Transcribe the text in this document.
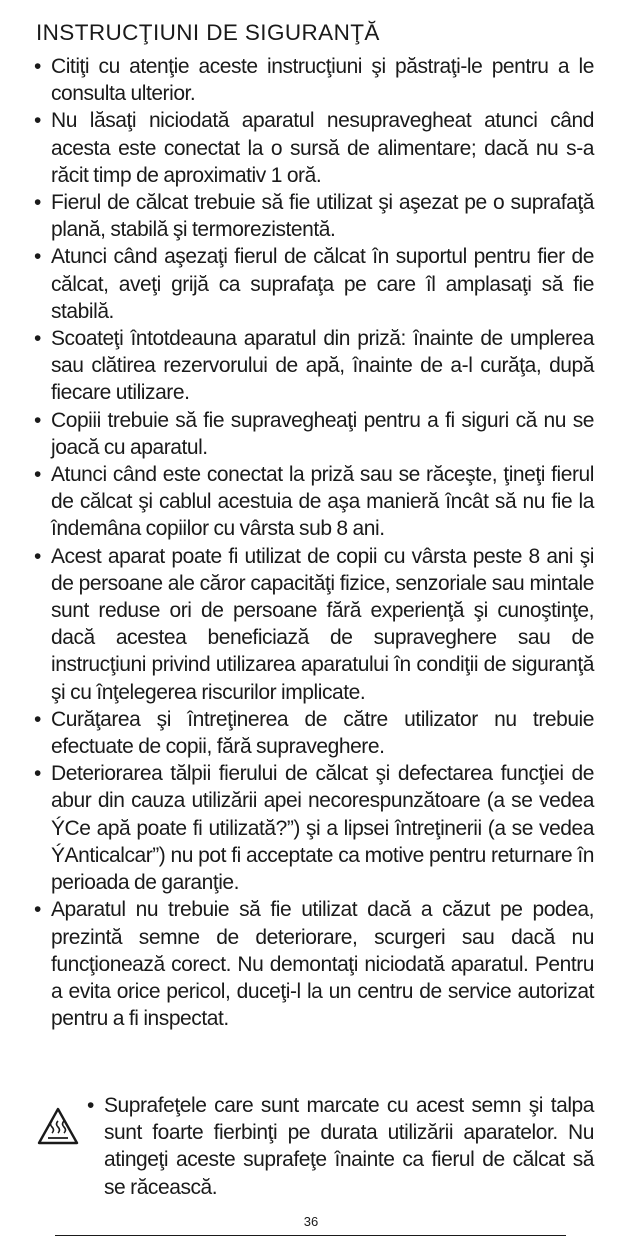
INSTRUCŢIUNI DE SIGURANŢĂ
• Citiţi cu atenţie aceste instrucţiuni şi păstraţi-le pentru a le consulta ulterior.
• Nu lăsaţi niciodată aparatul nesupravegheat atunci când acesta este conectat la o sursă de alimentare; dacă nu s-a răcit timp de aproximativ 1 oră.
• Fierul de călcat trebuie să fie utilizat şi aşezat pe o suprafaţă plană, stabilă şi termorezistentă.
• Atunci când aşezaţi fierul de călcat în suportul pentru fier de călcat, aveţi grijă ca suprafaţa pe care îl amplasaţi să fie stabilă.
• Scoateţi întotdeauna aparatul din priză: înainte de umplerea sau clătirea rezervorului de apă, înainte de a-l curăţa, după fiecare utilizare.
• Copiii trebuie să fie supravegheaţi pentru a fi siguri că nu se joacă cu aparatul.
• Atunci când este conectat la priză sau se răceşte, ţineţi fierul de călcat şi cablul acestuia de aşa manieră încât să nu fie la îndemâna copiilor cu vârsta sub 8 ani.
• Acest aparat poate fi utilizat de copii cu vârsta peste 8 ani şi de persoane ale căror capacităţi fizice, senzoriale sau mintale sunt reduse ori de persoane fără experienţă şi cunoştinţe, dacă acestea beneficiază de supraveghere sau de instrucţiuni privind utilizarea aparatului în condiţii de siguranţă şi cu înţelegerea riscurilor implicate.
• Curăţarea şi întreţinerea de către utilizator nu trebuie efectuate de copii, fără supraveghere.
• Deteriorarea tălpii fierului de călcat şi defectarea funcţiei de abur din cauza utilizării apei necorespunzătoare (a se vedea ÝCe apă poate fi utilizată?”) şi a lipsei întreţinerii (a se vedea ÝAnticalcar”) nu pot fi acceptate ca motive pentru returnare în perioada de garanţie.
• Aparatul nu trebuie să fie utilizat dacă a căzut pe podea, prezintă semne de deteriorare, scurgeri sau dacă nu funcţionează corect. Nu demontaţi niciodată aparatul. Pentru a evita orice pericol, duceţi-l la un centru de service autorizat pentru a fi inspectat.
• Suprafeţele care sunt marcate cu acest semn şi talpa sunt foarte fierbinţi pe durata utilizării aparatelor. Nu atingeţi aceste suprafeţe înainte ca fierul de călcat să se răcească.
36
